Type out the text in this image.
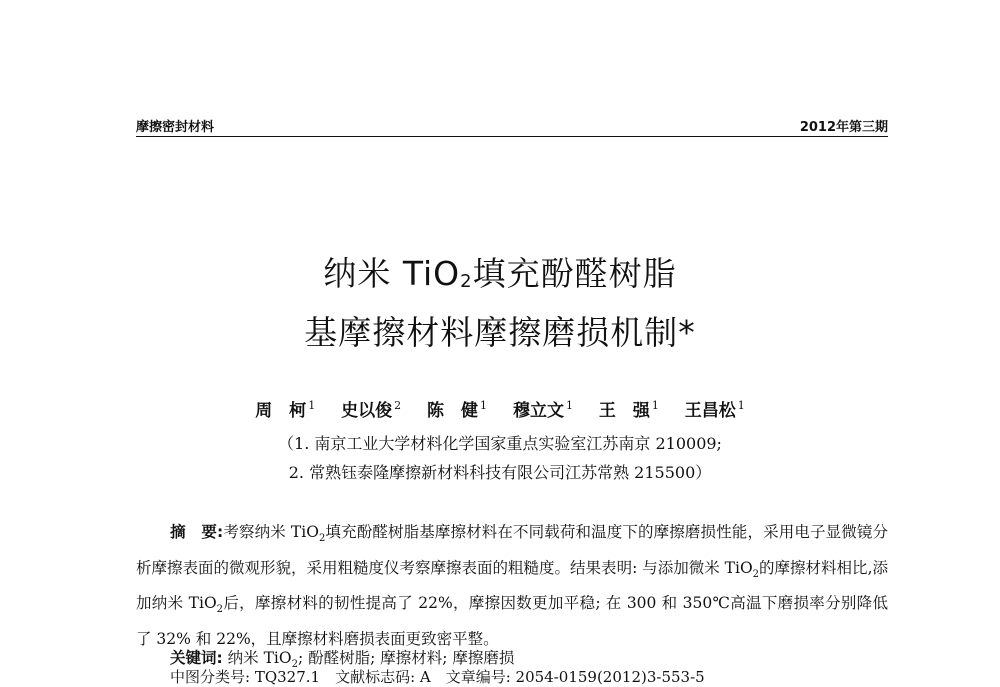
摩擦密封材料	2012年第三期
纳米 TiO$_2$填充酚醛树脂
基摩擦材料摩擦磨损机制*
周　柯 $^1$ 史以俊 $^2$ 陈　健 $^1$ 穆立文 $^1$ 王　强 $^1$ 王昌松 $^1$
（1. 南京工业大学材料化学国家重点实验室江苏南京 210009;
2. 常熟钰泰隆摩擦新材料科技有限公司江苏常熟 215500）
摘　要:考察纳米 TiO$_2$填充酚醛树脂基摩擦材料在不同载荷和温度下的摩擦磨损性能，采用电子显微镜分析摩擦表面的微观形貌，采用粗糙度仪考察摩擦表面的粗糙度。结果表明: 与添加微米 TiO$_2$的摩擦材料相比,添加纳米 TiO$_2$后，摩擦材料的韧性提高了 22%，摩擦因数更加平稳; 在 300 和 350℃高温下磨损率分别降低了 32% 和 22%，且摩擦材料磨损表面更致密平整。
关键词: 纳米 TiO$_2$; 酚醛树脂; 摩擦材料; 摩擦磨损
中图分类号: TQ327.1　文献标志码: A　文章编号: 2054-0159(2012)3-553-5
